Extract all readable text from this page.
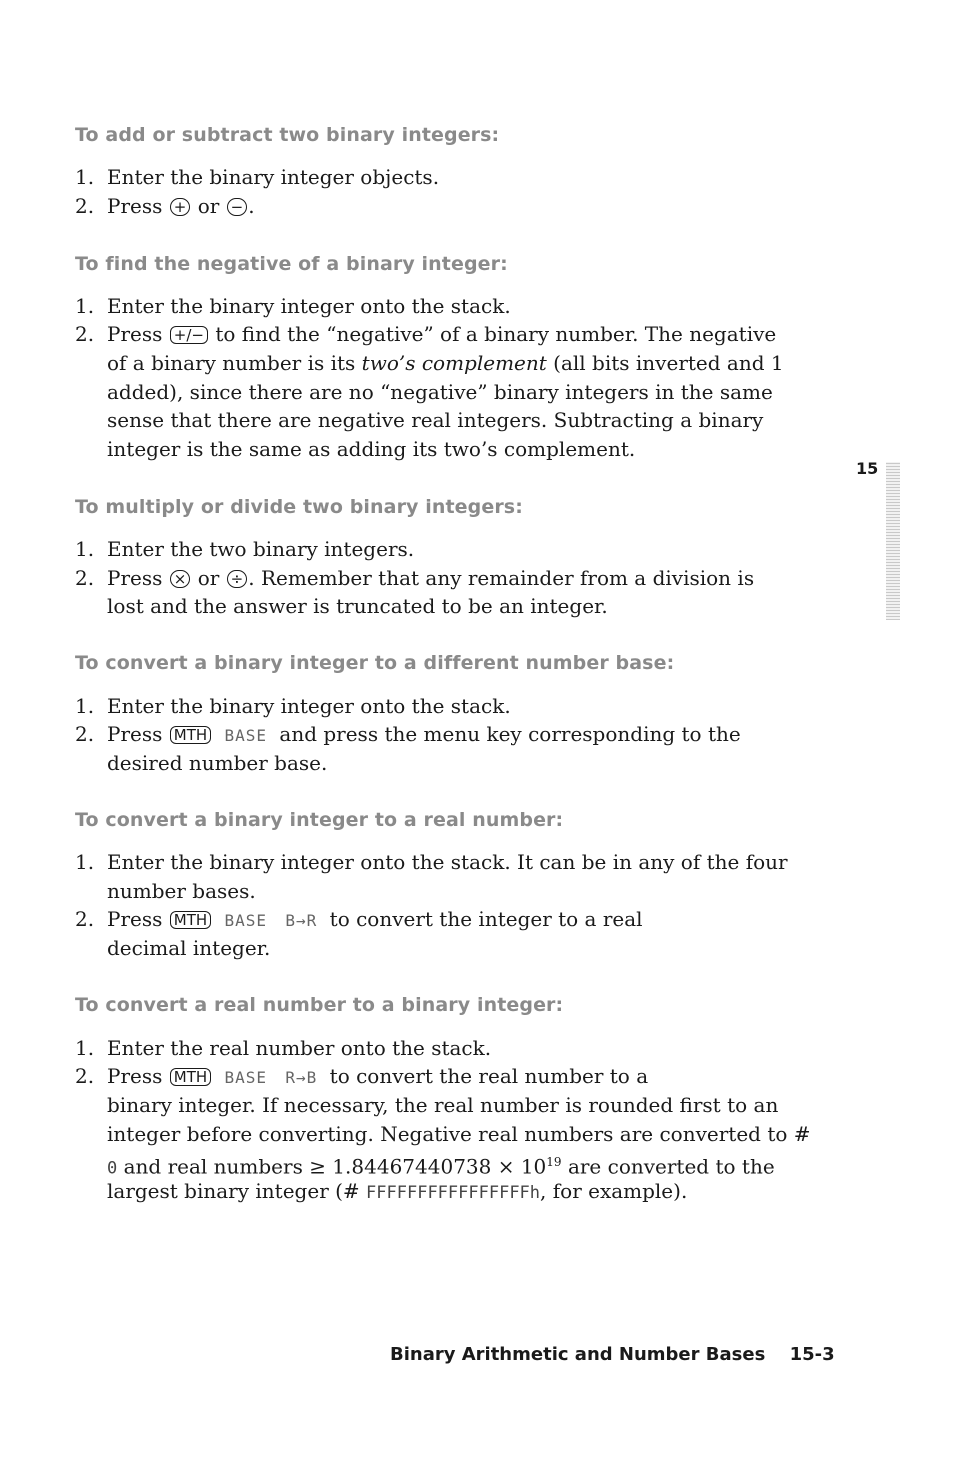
To add or subtract two binary integers:
1. Enter the binary integer objects.
2. Press + or − .
To find the negative of a binary integer:
1. Enter the binary integer onto the stack.
2. Press +/− to find the “negative” of a binary number. The negative
of a binary number is its two’s complement (all bits inverted and 1
added), since there are no “negative” binary integers in the same
sense that there are negative real integers. Subtracting a binary
integer is the same as adding its two’s complement.
To multiply or divide two binary integers:
1. Enter the two binary integers.
2. Press × or ÷ . Remember that any remainder from a division is
lost and the answer is truncated to be an integer.
To convert a binary integer to a different number base:
1. Enter the binary integer onto the stack.
2. Press MTH BASE and press the menu key corresponding to the
desired number base.
To convert a binary integer to a real number:
1. Enter the binary integer onto the stack. It can be in any of the four
number bases.
2. Press MTH BASE B→R to convert the integer to a real
decimal integer.
To convert a real number to a binary integer:
1. Enter the real number onto the stack.
2. Press MTH BASE R→B to convert the real number to a
binary integer. If necessary, the real number is rounded first to an
integer before converting. Negative real numbers are converted to #
0 and real numbers ≥ $1.84467440738 \times 10^{19}$ are converted to the
largest binary integer (# FFFFFFFFFFFFFFFFh, for example).
15
Binary Arithmetic and Number Bases 15-3
